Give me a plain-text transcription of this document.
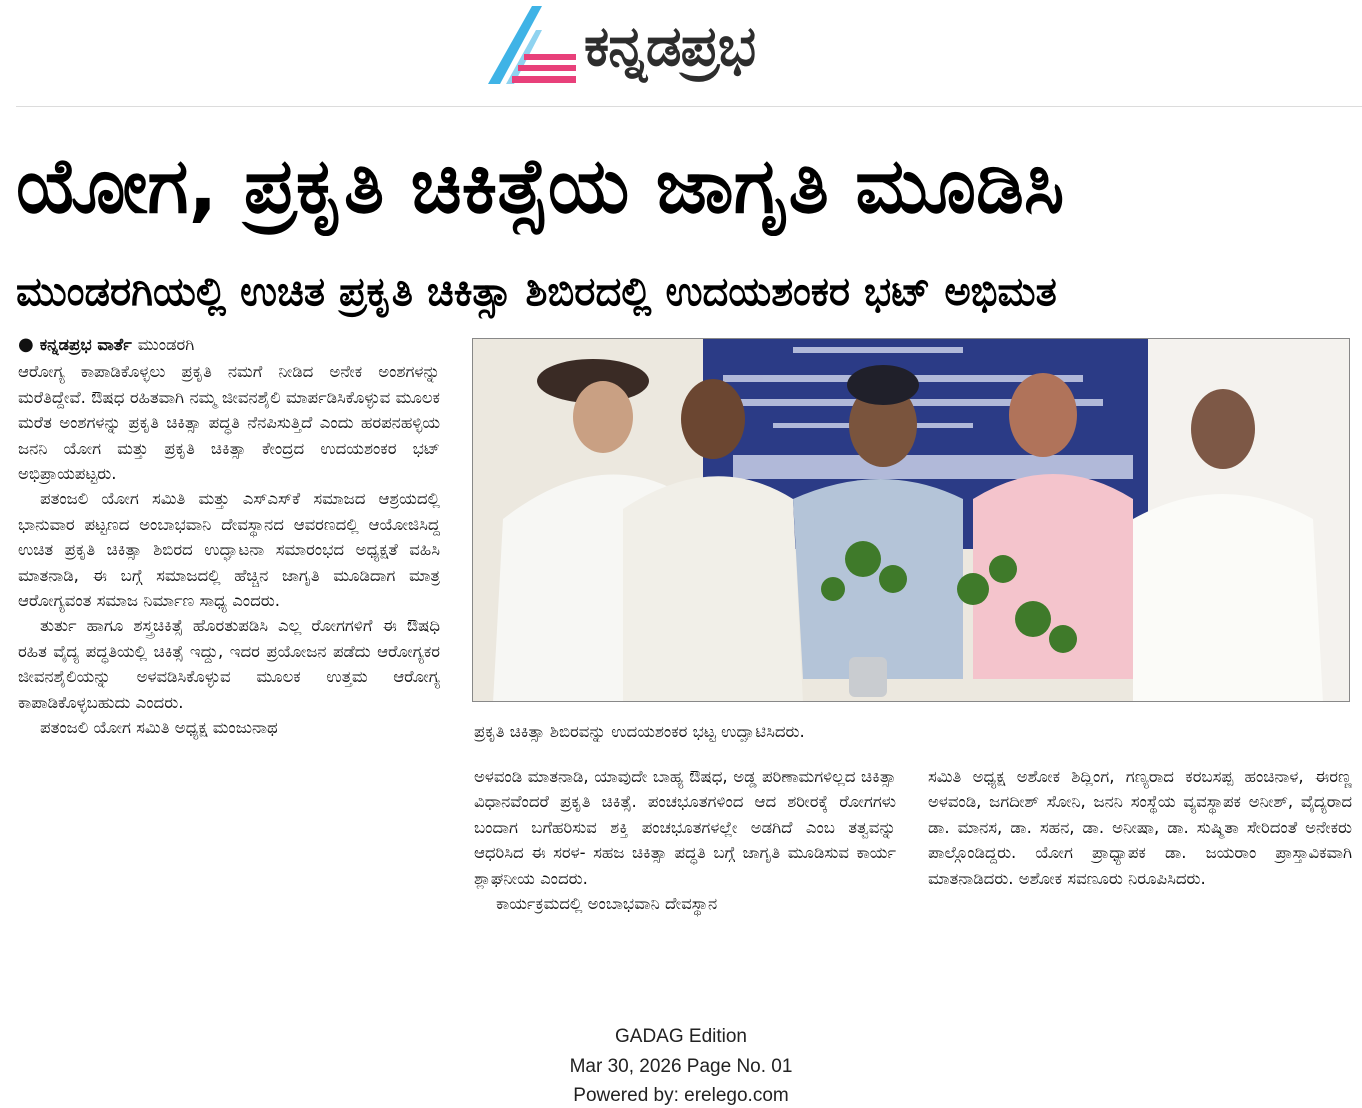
ಕನ್ನಡಪ್ರಭ
ಯೋಗ, ಪ್ರಕೃತಿ ಚಿಕಿತ್ಸೆಯ ಜಾಗೃತಿ ಮೂಡಿಸಿ
ಮುಂಡರಗಿಯಲ್ಲಿ ಉಚಿತ ಪ್ರಕೃತಿ ಚಿಕಿತ್ಸಾ ಶಿಬಿರದಲ್ಲಿ ಉದಯಶಂಕರ ಭಟ್ ಅಭಿಮತ
● ಕನ್ನಡಪ್ರಭ ವಾರ್ತೆ ಮುಂಡರಗಿ

ಆರೋಗ್ಯ ಕಾಪಾಡಿಕೊಳ್ಳಲು ಪ್ರಕೃತಿ ನಮಗೆ ನೀಡಿದ ಅನೇಕ ಅಂಶಗಳನ್ನು ಮರೆತಿದ್ದೇವೆ. ಔಷಧ ರಹಿತವಾಗಿ ನಮ್ಮ ಜೀವನಶೈಲಿ ಮಾರ್ಪಡಿಸಿಕೊಳ್ಳುವ ಮೂಲಕ ಮರೆತ ಅಂಶಗಳನ್ನು ಪ್ರಕೃತಿ ಚಿಕಿತ್ಸಾ ಪದ್ಧತಿ ನೆನಪಿಸುತ್ತಿದೆ ಎಂದು ಹರಪನಹಳ್ಳಿಯ ಜನನಿ ಯೋಗ ಮತ್ತು ಪ್ರಕೃತಿ ಚಿಕಿತ್ಸಾ ಕೇಂದ್ರದ ಉದಯಶಂಕರ ಭಟ್ ಅಭಿಪ್ರಾಯಪಟ್ಟರು.

ಪತಂಜಲಿ ಯೋಗ ಸಮಿತಿ ಮತ್ತು ಎಸ್‌ಎಸ್‌ಕೆ ಸಮಾಜದ ಆಶ್ರಯದಲ್ಲಿ ಭಾನುವಾರ ಪಟ್ಟಣದ ಅಂಬಾಭವಾನಿ ದೇವಸ್ಥಾನದ ಆವರಣದಲ್ಲಿ ಆಯೋಜಿಸಿದ್ದ ಉಚಿತ ಪ್ರಕೃತಿ ಚಿಕಿತ್ಸಾ ಶಿಬಿರದ ಉದ್ಘಾಟನಾ ಸಮಾರಂಭದ ಅಧ್ಯಕ್ಷತೆ ವಹಿಸಿ ಮಾತನಾಡಿ, ಈ ಬಗ್ಗೆ ಸಮಾಜದಲ್ಲಿ ಹೆಚ್ಚಿನ ಜಾಗೃತಿ ಮೂಡಿದಾಗ ಮಾತ್ರ ಆರೋಗ್ಯವಂತ ಸಮಾಜ ನಿರ್ಮಾಣ ಸಾಧ್ಯ ಎಂದರು.

ತುರ್ತು ಹಾಗೂ ಶಸ್ತ್ರಚಿಕಿತ್ಸೆ ಹೊರತುಪಡಿಸಿ ಎಲ್ಲ ರೋಗಗಳಿಗೆ ಈ ಔಷಧಿ ರಹಿತ ವೈದ್ಯ ಪದ್ಧತಿಯಲ್ಲಿ ಚಿಕಿತ್ಸೆ ಇದ್ದು, ಇದರ ಪ್ರಯೋಜನ ಪಡೆದು ಆರೋಗ್ಯಕರ ಜೀವನಶೈಲಿಯನ್ನು ಅಳವಡಿಸಿಕೊಳ್ಳುವ ಮೂಲಕ ಉತ್ತಮ ಆರೋಗ್ಯ ಕಾಪಾಡಿಕೊಳ್ಳಬಹುದು ಎಂದರು.

ಪತಂಜಲಿ ಯೋಗ ಸಮಿತಿ ಅಧ್ಯಕ್ಷ ಮಂಜುನಾಥ	ಪ್ರಕೃತಿ ಚಿಕಿತ್ಸಾ ಶಿಬಿರವನ್ನು ಉದಯಶಂಕರ ಭಟ್ಟ ಉದ್ಘಾಟಿಸಿದರು.

ಅಳವಂಡಿ ಮಾತನಾಡಿ, ಯಾವುದೇ ಬಾಹ್ಯ ಔಷಧ, ಅಡ್ಡ ಪರಿಣಾಮಗಳಿಲ್ಲದ ಚಿಕಿತ್ಸಾ ವಿಧಾನವೆಂದರೆ ಪ್ರಕೃತಿ ಚಿಕಿತ್ಸೆ. ಪಂಚಭೂತಗಳಿಂದ ಆದ ಶರೀರಕ್ಕೆ ರೋಗಗಳು ಬಂದಾಗ ಬಗೆಹರಿಸುವ ಶಕ್ತಿ ಪಂಚಭೂತಗಳಲ್ಲೇ ಅಡಗಿದೆ ಎಂಬ ತತ್ವವನ್ನು ಆಧರಿಸಿದ ಈ ಸರಳ- ಸಹಜ ಚಿಕಿತ್ಸಾ ಪದ್ಧತಿ ಬಗ್ಗೆ ಜಾಗೃತಿ ಮೂಡಿಸುವ ಕಾರ್ಯ ಶ್ಲಾಘನೀಯ ಎಂದರು.

ಕಾರ್ಯಕ್ರಮದಲ್ಲಿ ಅಂಬಾಭವಾನಿ ದೇವಸ್ಥಾನ

ಸಮಿತಿ ಅಧ್ಯಕ್ಷ ಅಶೋಕ ಶಿದ್ಲಿಂಗ, ಗಣ್ಯರಾದ ಕರಬಸಪ್ಪ ಹಂಚಿನಾಳ, ಈರಣ್ಣ ಅಳವಂಡಿ, ಜಗದೀಶ್ ಸೋನಿ, ಜನನಿ ಸಂಸ್ಥೆಯ ವ್ಯವಸ್ಥಾಪಕ ಅನೀಶ್, ವೈದ್ಯರಾದ ಡಾ. ಮಾನಸ, ಡಾ. ಸಹನ, ಡಾ. ಅನೀಷಾ, ಡಾ. ಸುಷ್ಮಿತಾ ಸೇರಿದಂತೆ ಅನೇಕರು ಪಾಲ್ಗೊಂಡಿದ್ದರು. ಯೋಗ ಪ್ರಾಧ್ಯಾಪಕ ಡಾ. ಜಯರಾಂ ಪ್ರಾಸ್ತಾವಿಕವಾಗಿ ಮಾತನಾಡಿದರು. ಅಶೋಕ ಸವಣೂರು ನಿರೂಪಿಸಿದರು.

GADAG Edition
Mar 30, 2026 Page No. 01
Powered by: erelego.com
